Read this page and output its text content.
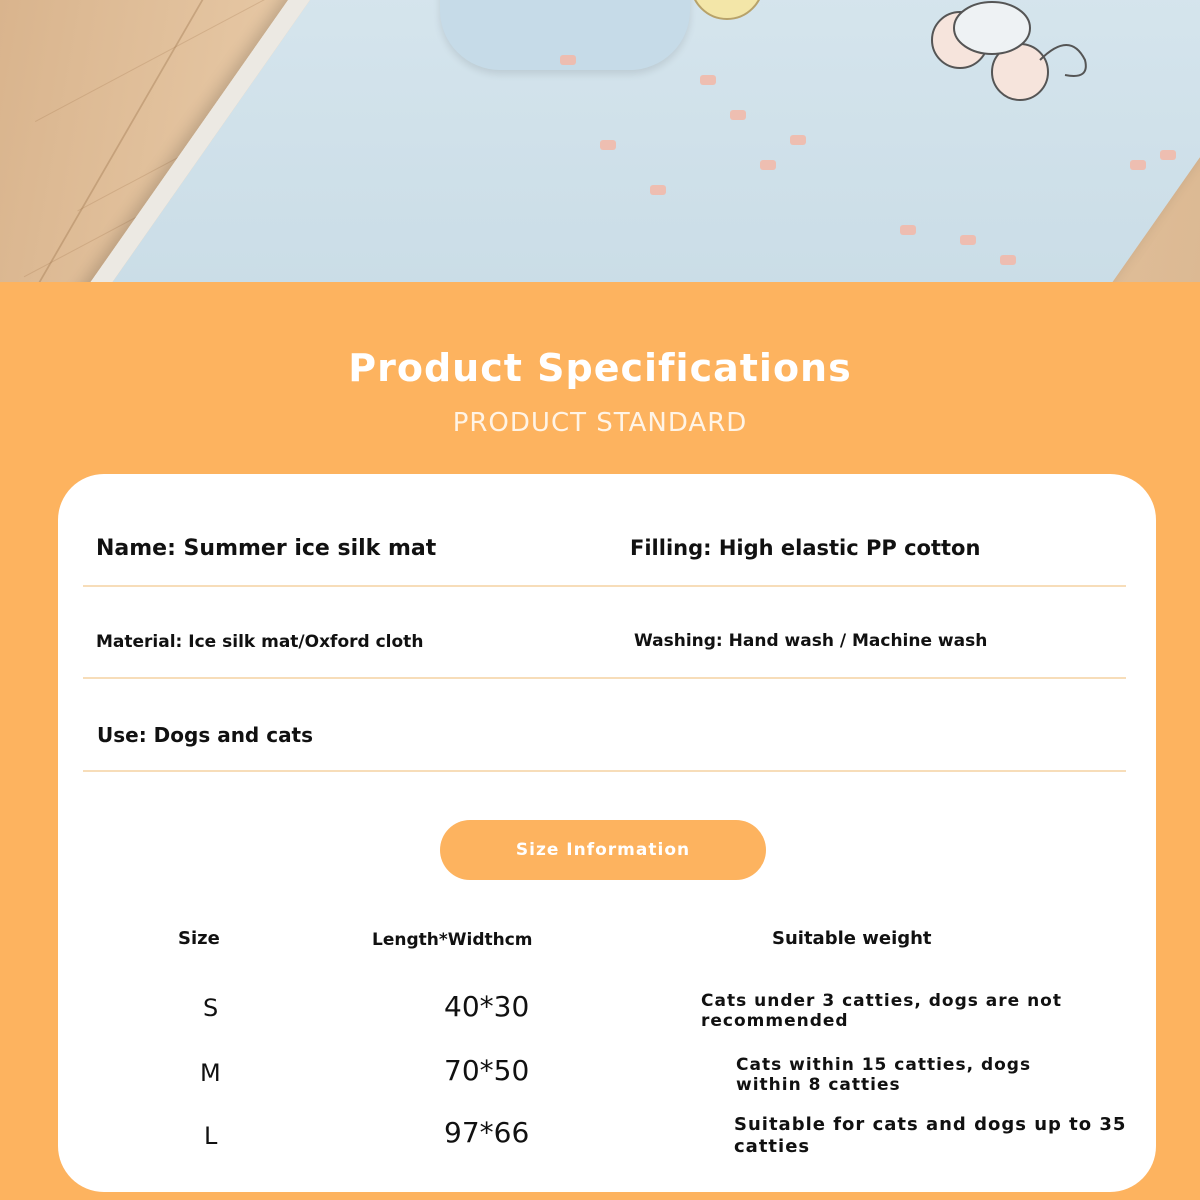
Product Specifications
PRODUCT STANDARD
Name: Summer ice silk mat	Filling: High elastic PP cotton
Material: Ice silk mat/Oxford cloth	Washing: Hand wash / Machine wash
Use: Dogs and cats
Size Information
Size	Length*Widthcm	Suitable weight
S	40*30	Cats under 3 catties, dogs are not recommended
M	70*50	Cats within 15 catties, dogs within 8 catties
L	97*66	Suitable for cats and dogs up to 35 catties
